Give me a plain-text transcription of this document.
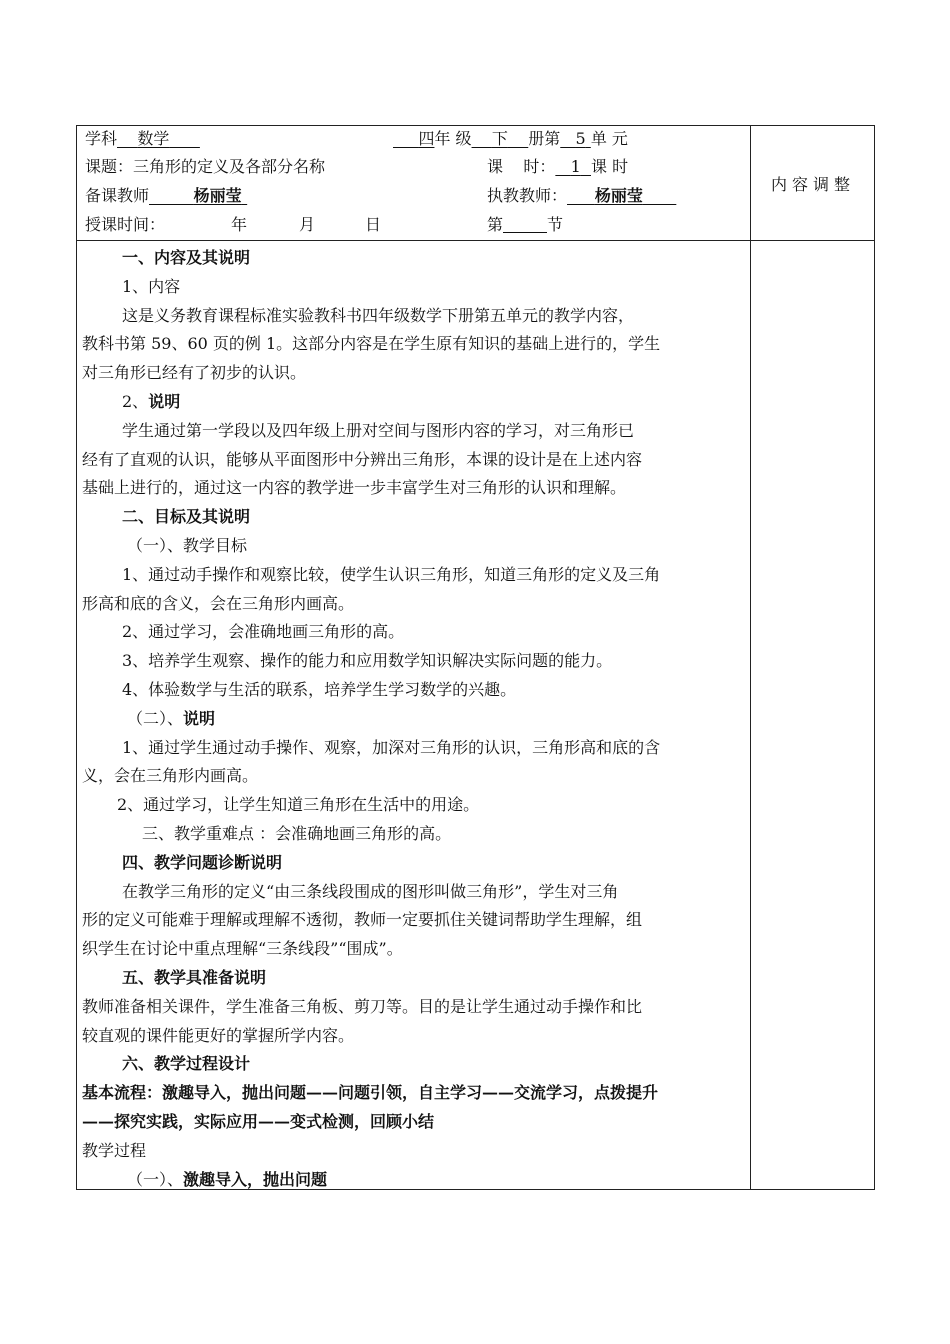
内容调整
学科 数学	四年 级 下 册第 5 单 元
课题：三角形的定义及各部分名称	课    时： 1 课 时
备课教师	杨丽莹	执教教师： 杨丽莹
授课时间：	年	月	日	第	节
一、内容及其说明
1、内容
这是义务教育课程标准实验教科书四年级数学下册第五单元的教学内容，
教科书第 59、60 页的例 1。这部分内容是在学生原有知识的基础上进行的，学生
对三角形已经有了初步的认识。
2、说明
学生通过第一学段以及四年级上册对空间与图形内容的学习，对三角形已
经有了直观的认识，能够从平面图形中分辨出三角形，本课的设计是在上述内容
基础上进行的，通过这一内容的教学进一步丰富学生对三角形的认识和理解。
二、目标及其说明
（一）、教学目标
1、通过动手操作和观察比较，使学生认识三角形，知道三角形的定义及三角
形高和底的含义，会在三角形内画高。
2、通过学习，会准确地画三角形的高。
3、培养学生观察、操作的能力和应用数学知识解决实际问题的能力。
4、体验数学与生活的联系，培养学生学习数学的兴趣。
（二）、说明
1、通过学生通过动手操作、观察，加深对三角形的认识，三角形高和底的含
义，会在三角形内画高。
2、通过学习，让学生知道三角形在生活中的用途。
三、教学重难点 ：会准确地画三角形的高。
四、教学问题诊断说明
在教学三角形的定义“由三条线段围成的图形叫做三角形”，学生对三角
形的定义可能难于理解或理解不透彻，教师一定要抓住关键词帮助学生理解，组
织学生在讨论中重点理解“三条线段”“围成”。
五、教学具准备说明
教师准备相关课件，学生准备三角板、剪刀等。目的是让学生通过动手操作和比
较直观的课件能更好的掌握所学内容。
六、教学过程设计
基本流程：激趣导入，抛出问题——问题引领，自主学习——交流学习，点拨提升
——探究实践，实际应用——变式检测，回顾小结
教学过程
（一）、激趣导入，抛出问题
